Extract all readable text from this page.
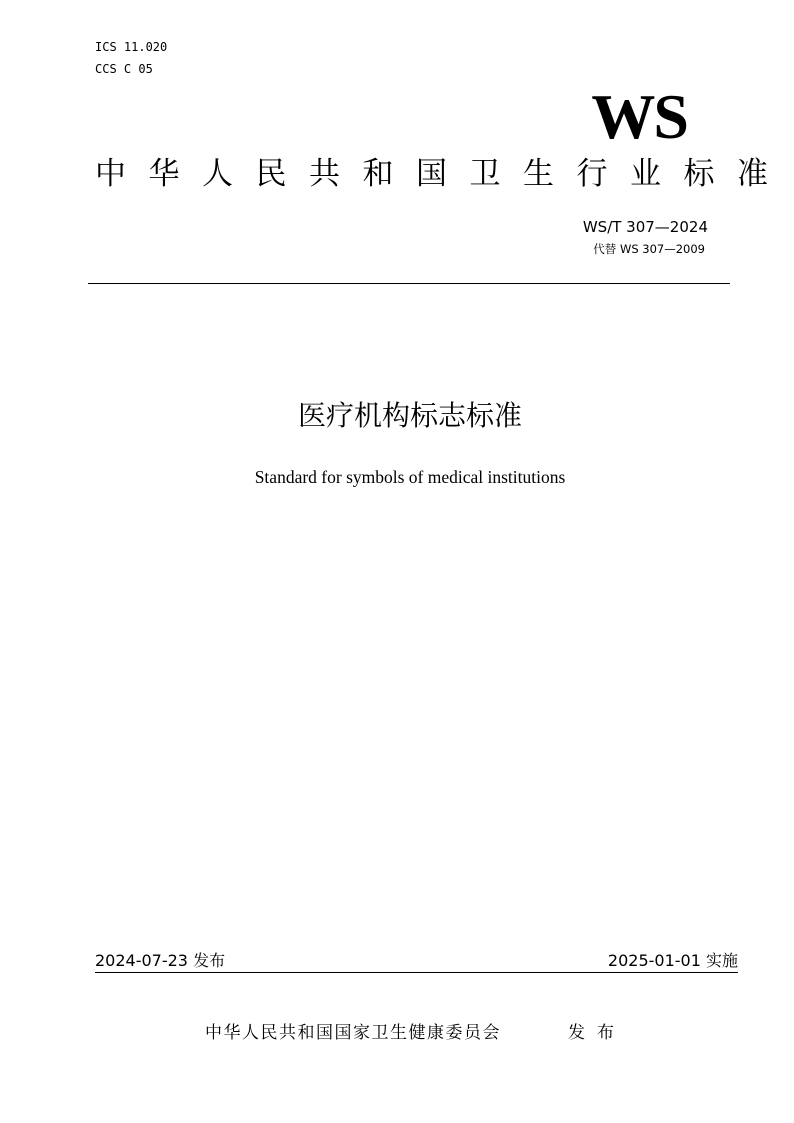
ICS 11.020
CCS C 05
WS
中华人民共和国卫生行业标准
WS/T 307—2024
代替 WS 307—2009
医疗机构标志标准
Standard for symbols of medical institutions
2024-07-23 发布	2025-01-01 实施
中华人民共和国国家卫生健康委员会	发布
